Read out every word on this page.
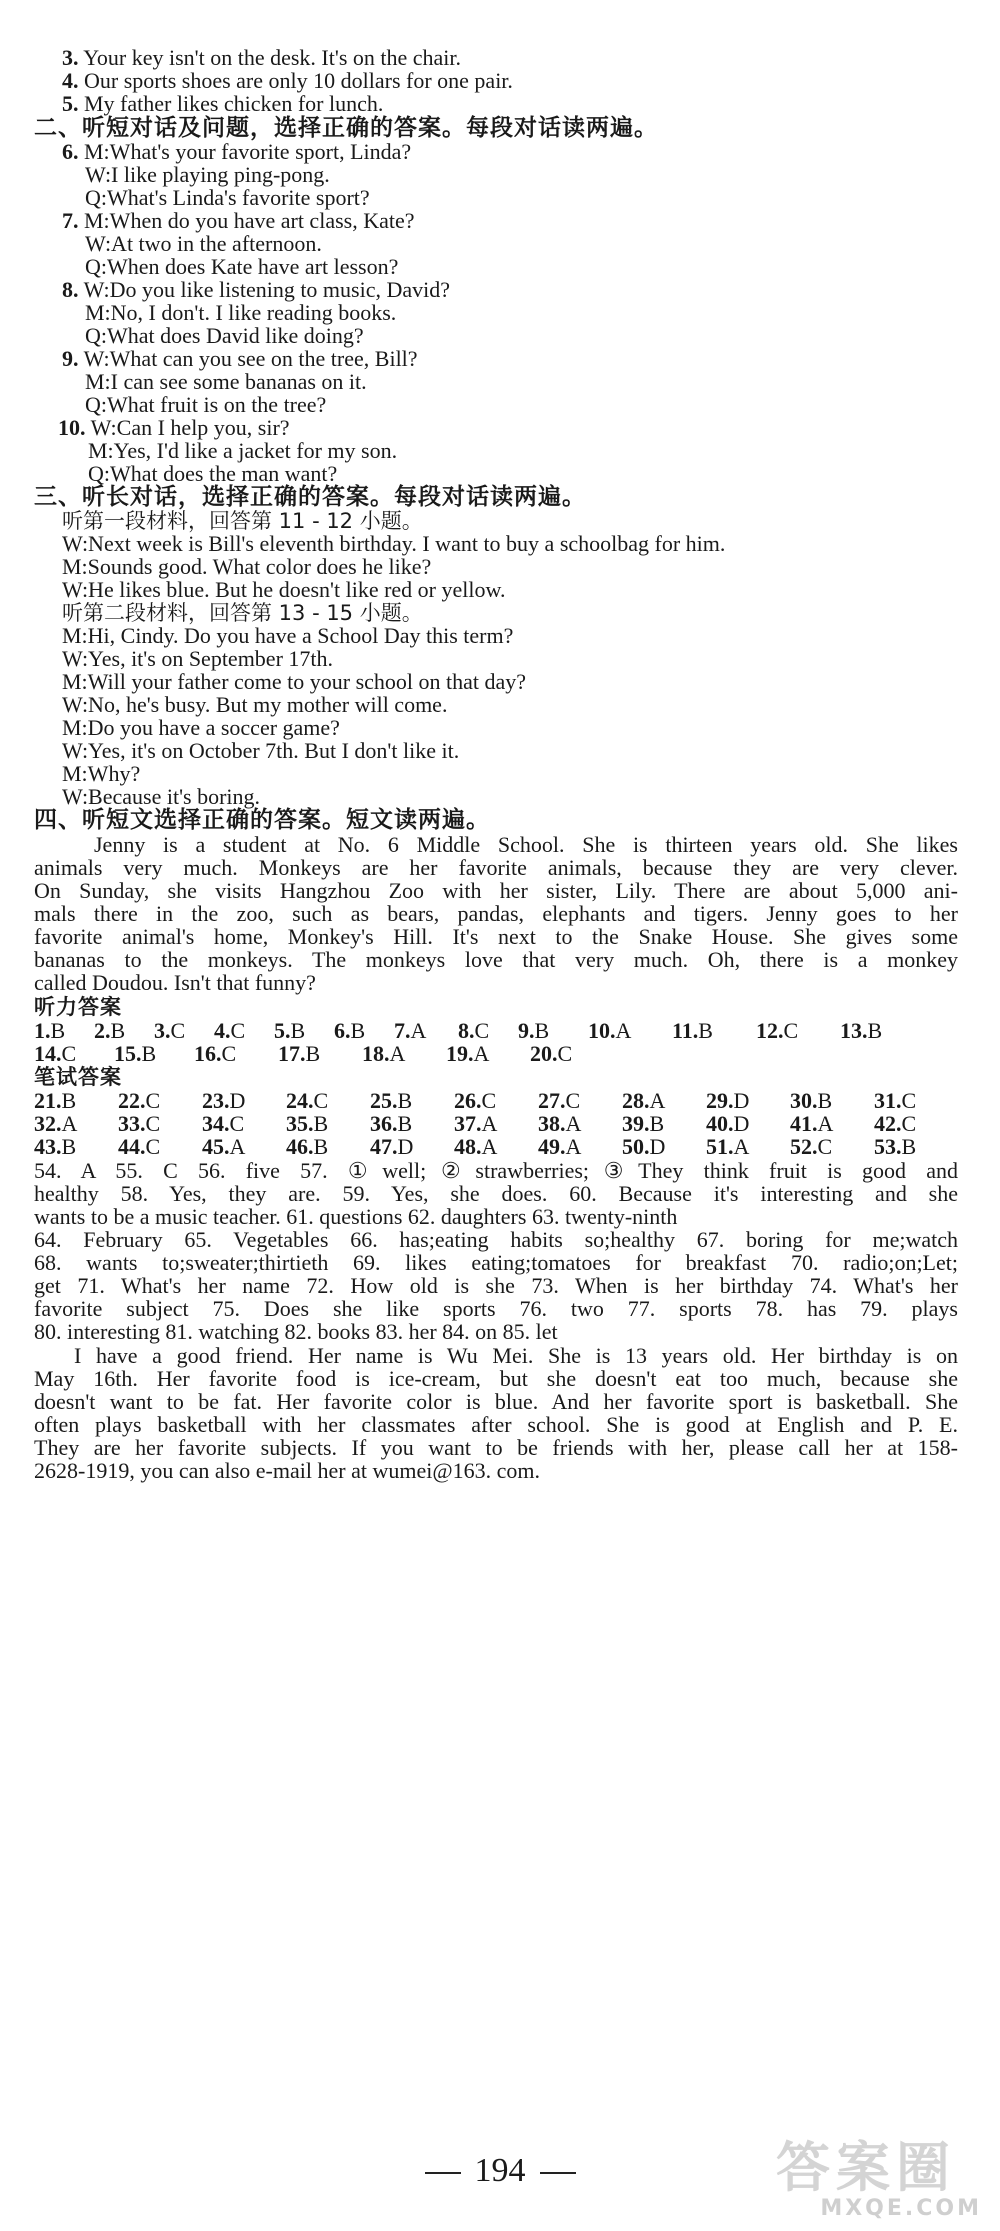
3. Your key isn't on the desk. It's on the chair.
4. Our sports shoes are only 10 dollars for one pair.
5. My father likes chicken for lunch.
二、听短对话及问题，选择正确的答案。每段对话读两遍。
6. M:What's your favorite sport, Linda?
W:I like playing ping-pong.
Q:What's Linda's favorite sport?
7. M:When do you have art class, Kate?
W:At two in the afternoon.
Q:When does Kate have art lesson?
8. W:Do you like listening to music, David?
M:No, I don't. I like reading books.
Q:What does David like doing?
9. W:What can you see on the tree, Bill?
M:I can see some bananas on it.
Q:What fruit is on the tree?
10. W:Can I help you, sir?
M:Yes, I'd like a jacket for my son.
Q:What does the man want?
三、听长对话，选择正确的答案。每段对话读两遍。
听第一段材料，回答第 11 - 12 小题。
W:Next week is Bill's eleventh birthday. I want to buy a schoolbag for him.
M:Sounds good. What color does he like?
W:He likes blue. But he doesn't like red or yellow.
听第二段材料，回答第 13 - 15 小题。
M:Hi, Cindy. Do you have a School Day this term?
W:Yes, it's on September 17th.
M:Will your father come to your school on that day?
W:No, he's busy. But my mother will come.
M:Do you have a soccer game?
W:Yes, it's on October 7th. But I don't like it.
M:Why?
W:Because it's boring.
四、听短文选择正确的答案。短文读两遍。
Jenny is a student at No. 6 Middle School. She is thirteen years old. She likes
animals very much. Monkeys are her favorite animals, because they are very clever.
On Sunday, she visits Hangzhou Zoo with her sister, Lily. There are about 5,000 ani-
mals there in the zoo, such as bears, pandas, elephants and tigers. Jenny goes to her
favorite animal's home, Monkey's Hill. It's next to the Snake House. She gives some
bananas to the monkeys. The monkeys love that very much. Oh, there is a monkey
called Doudou. Isn't that funny?
听力答案
1.B 2.B 3.C 4.C 5.B 6.B 7.A 8.C 9.B 10.A 11.B 12.C 13.B
14.C 15.B 16.C 17.B 18.A 19.A 20.C
笔试答案
21.B 22.C 23.D 24.C 25.B 26.C 27.C 28.A 29.D 30.B 31.C
32.A 33.C 34.C 35.B 36.B 37.A 38.A 39.B 40.D 41.A 42.C
43.B 44.C 45.A 46.B 47.D 48.A 49.A 50.D 51.A 52.C 53.B
54. A 55. C 56. five 57. ①well;②strawberries;③They think fruit is good and
healthy 58. Yes, they are. 59. Yes, she does. 60. Because it's interesting and she
wants to be a music teacher. 61. questions 62. daughters 63. twenty-ninth
64. February 65. Vegetables 66. has;eating habits so;healthy 67. boring for me;watch
68. wants to;sweater;thirtieth 69. likes eating;tomatoes for breakfast 70. radio;on;Let;
get 71. What's her name 72. How old is she 73. When is her birthday 74. What's her
favorite subject 75. Does she like sports 76. two 77. sports 78. has 79. plays
80. interesting 81. watching 82. books 83. her 84. on 85. let
I have a good friend. Her name is Wu Mei. She is 13 years old. Her birthday is on
May 16th. Her favorite food is ice-cream, but she doesn't eat too much, because she
doesn't want to be fat. Her favorite color is blue. And her favorite sport is basketball. She
often plays basketball with her classmates after school. She is good at English and P. E.
They are her favorite subjects. If you want to be friends with her, please call her at 158-
2628-1919, you can also e-mail her at wumei@163. com.
194	答案圈
MXQE.COM
